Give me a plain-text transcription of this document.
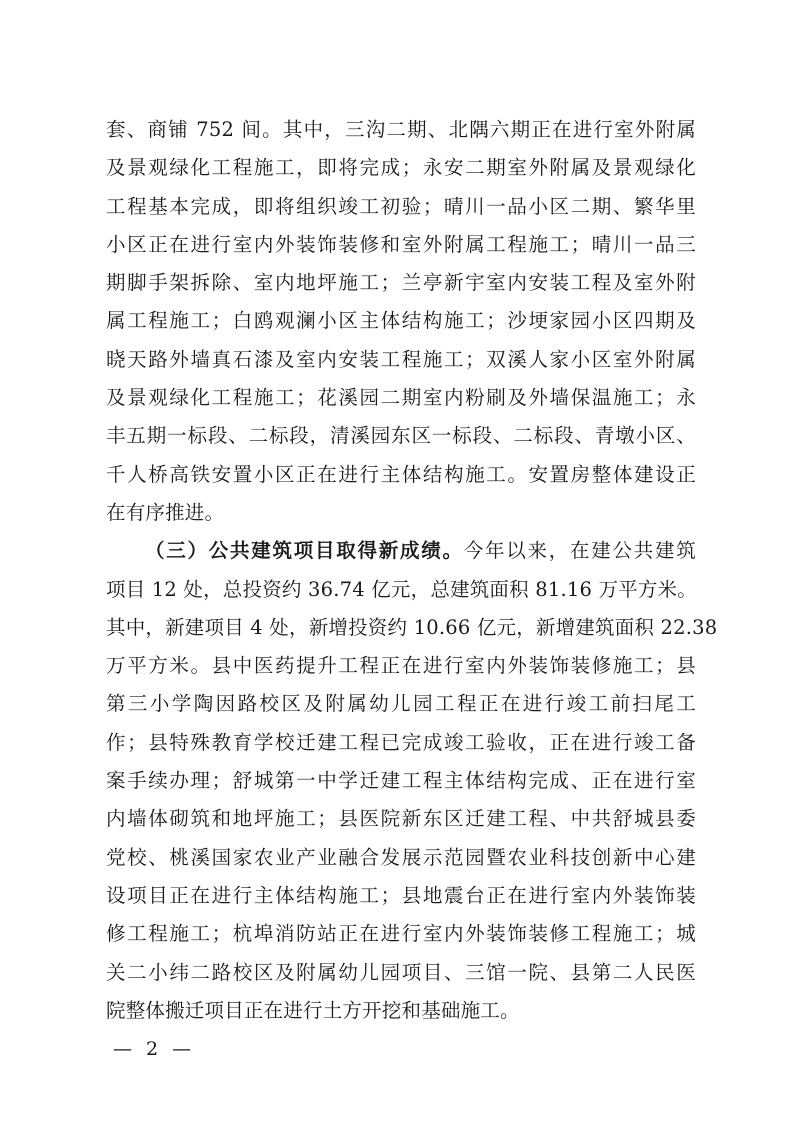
套、商铺 752 间。其中，三沟二期、北隅六期正在进行室外附属
及景观绿化工程施工，即将完成；永安二期室外附属及景观绿化
工程基本完成，即将组织竣工初验；晴川一品小区二期、繁华里
小区正在进行室内外装饰装修和室外附属工程施工；晴川一品三
期脚手架拆除、室内地坪施工；兰亭新宇室内安装工程及室外附
属工程施工；白鸥观澜小区主体结构施工；沙埂家园小区四期及
晓天路外墙真石漆及室内安装工程施工；双溪人家小区室外附属
及景观绿化工程施工；花溪园二期室内粉刷及外墙保温施工；永
丰五期一标段、二标段，清溪园东区一标段、二标段、青墩小区、
千人桥高铁安置小区正在进行主体结构施工。安置房整体建设正
在有序推进。
（三）公共建筑项目取得新成绩。今年以来，在建公共建筑
项目 12 处，总投资约 36.74 亿元，总建筑面积 81.16 万平方米。
其中，新建项目 4 处，新增投资约 10.66 亿元，新增建筑面积 22.38
万平方米。县中医药提升工程正在进行室内外装饰装修施工；县
第三小学陶因路校区及附属幼儿园工程正在进行竣工前扫尾工
作；县特殊教育学校迁建工程已完成竣工验收，正在进行竣工备
案手续办理；舒城第一中学迁建工程主体结构完成、正在进行室
内墙体砌筑和地坪施工；县医院新东区迁建工程、中共舒城县委
党校、桃溪国家农业产业融合发展示范园暨农业科技创新中心建
设项目正在进行主体结构施工；县地震台正在进行室内外装饰装
修工程施工；杭埠消防站正在进行室内外装饰装修工程施工；城
关二小纬二路校区及附属幼儿园项目、三馆一院、县第二人民医
院整体搬迁项目正在进行土方开挖和基础施工。
— 2 —
